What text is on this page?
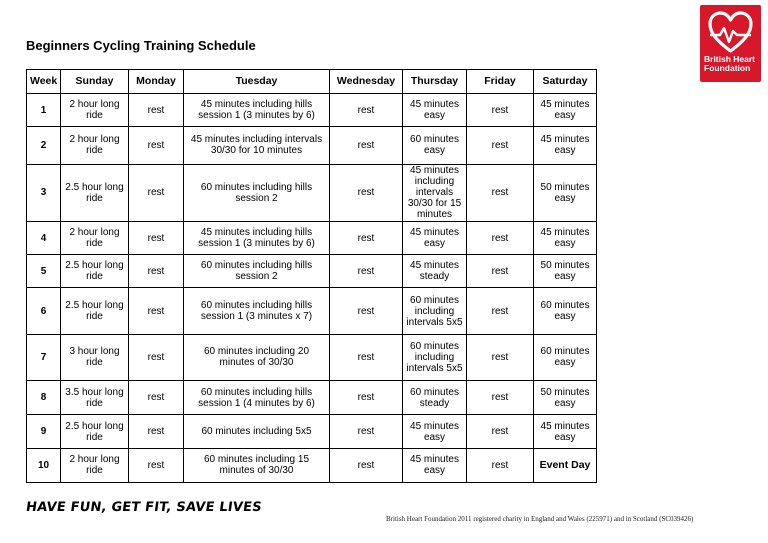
Beginners Cycling Training Schedule
British Heart
Foundation
Week	Sunday	Monday	Tuesday	Wednesday	Thursday	Friday	Saturday
1	2 hour long ride	rest	45 minutes including hills session 1 (3 minutes by 6)	rest	45 minutes easy	rest	45 minutes easy
2	2 hour long ride	rest	45 minutes including intervals 30/30 for 10 minutes	rest	60 minutes easy	rest	45 minutes easy
3	2.5 hour long ride	rest	60 minutes including hills session 2	rest	45 minutes including intervals 30/30 for 15 minutes	rest	50 minutes easy
4	2 hour long ride	rest	45 minutes including hills session 1 (3 minutes by 6)	rest	45 minutes easy	rest	45 minutes easy
5	2.5 hour long ride	rest	60 minutes including hills session 2	rest	45 minutes steady	rest	50 minutes easy
6	2.5 hour long ride	rest	60 minutes including hills session 1 (3 minutes x 7)	rest	60 minutes including intervals 5x5	rest	60 minutes easy
7	3 hour long ride	rest	60 minutes including 20 minutes of 30/30	rest	60 minutes including intervals 5x5	rest	60 minutes easy
8	3.5 hour long ride	rest	60 minutes including hills session 1 (4 minutes by 6)	rest	60 minutes steady	rest	50 minutes easy
9	2.5 hour long ride	rest	60 minutes including 5x5	rest	45 minutes easy	rest	45 minutes easy
10	2 hour long ride	rest	60 minutes including 15 minutes of 30/30	rest	45 minutes easy	rest	Event Day
HAVE FUN, GET FIT, SAVE LIVES
British Heart Foundation 2011 registered charity in England and Wales (225971) and in Scotland (SC039426)
